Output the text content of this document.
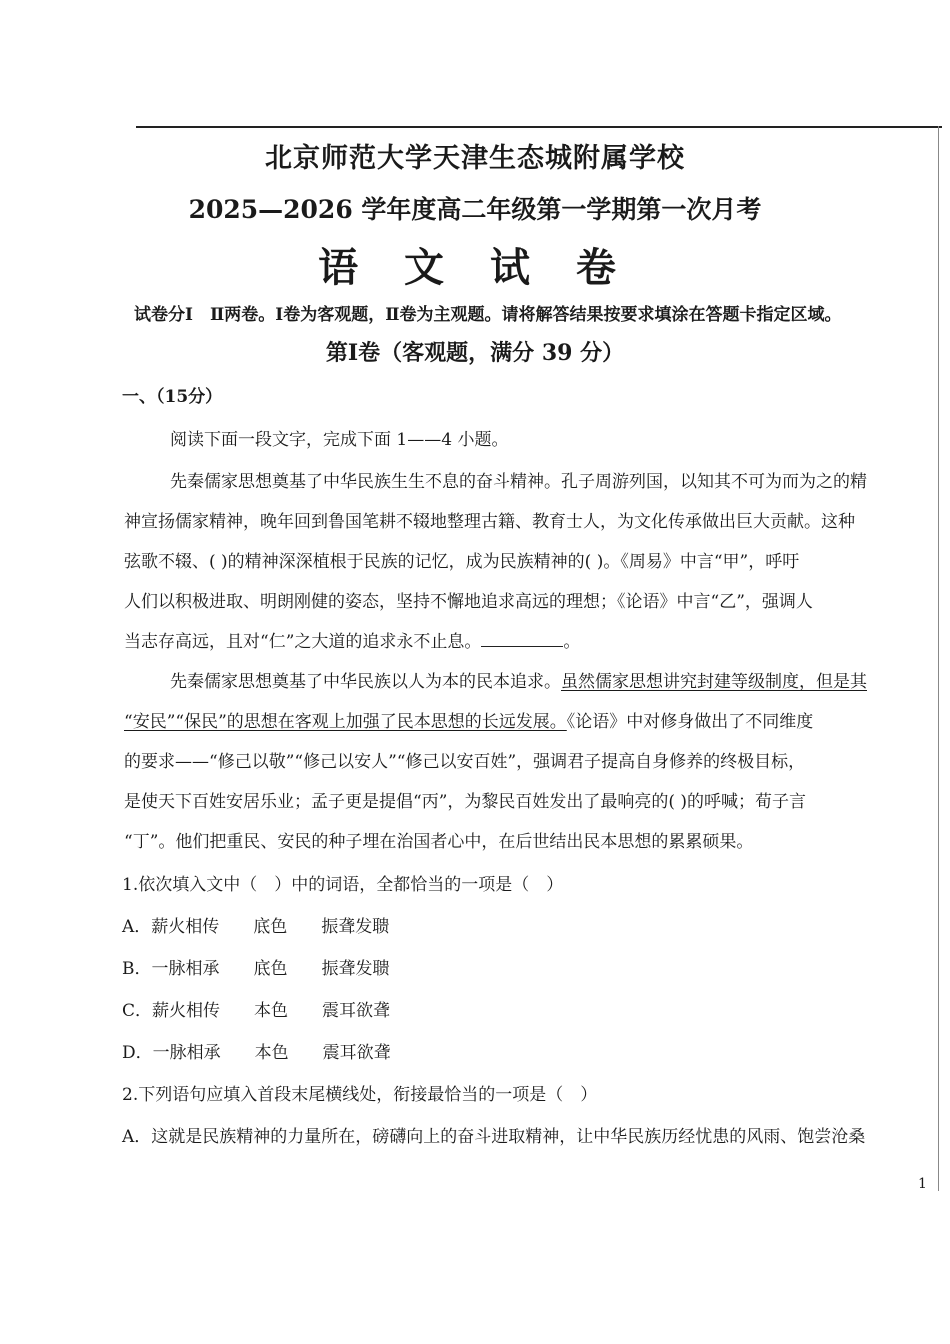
北京师范大学天津生态城附属学校
2025—2026 学年度高二年级第一学期第一次月考
语 文 试 卷
试卷分Ⅰ　Ⅱ两卷。Ⅰ卷为客观题，Ⅱ卷为主观题。请将解答结果按要求填涂在答题卡指定区域。
第Ⅰ卷（客观题，满分 39 分）
一、（15分）
阅读下面一段文字，完成下面 1——4 小题。
先秦儒家思想奠基了中华民族生生不息的奋斗精神。孔子周游列国，以知其不可为而为之的精
神宣扬儒家精神，晚年回到鲁国笔耕不辍地整理古籍、教育士人，为文化传承做出巨大贡献。这种
弦歌不辍、( )的精神深深植根于民族的记忆，成为民族精神的( )。《周易》中言“甲”，呼吁
人们以积极进取、明朗刚健的姿态，坚持不懈地追求高远的理想；《论语》中言“乙”，强调人
当志存高远，且对“仁”之大道的追求永不止息。	。
先秦儒家思想奠基了中华民族以人为本的民本追求。虽然儒家思想讲究封建等级制度，但是其
“安民”“保民”的思想在客观上加强了民本思想的长远发展。《论语》中对修身做出了不同维度
的要求——“修己以敬”“修己以安人”“修己以安百姓”，强调君子提高自身修养的终极目标，
是使天下百姓安居乐业；孟子更是提倡“丙”，为黎民百姓发出了最响亮的( )的呼喊；荀子言
“丁”。他们把重民、安民的种子埋在治国者心中，在后世结出民本思想的累累硕果。
1.依次填入文中（　）中的词语，全都恰当的一项是（　）
A．薪火相传　　底色　　振聋发聩
B．一脉相承　　底色　　振聋发聩
C．薪火相传　　本色　　震耳欲聋
D．一脉相承　　本色　　震耳欲聋
2.下列语句应填入首段末尾横线处，衔接最恰当的一项是（　）
A．这就是民族精神的力量所在，磅礴向上的奋斗进取精神，让中华民族历经忧患的风雨、饱尝沧桑
1
